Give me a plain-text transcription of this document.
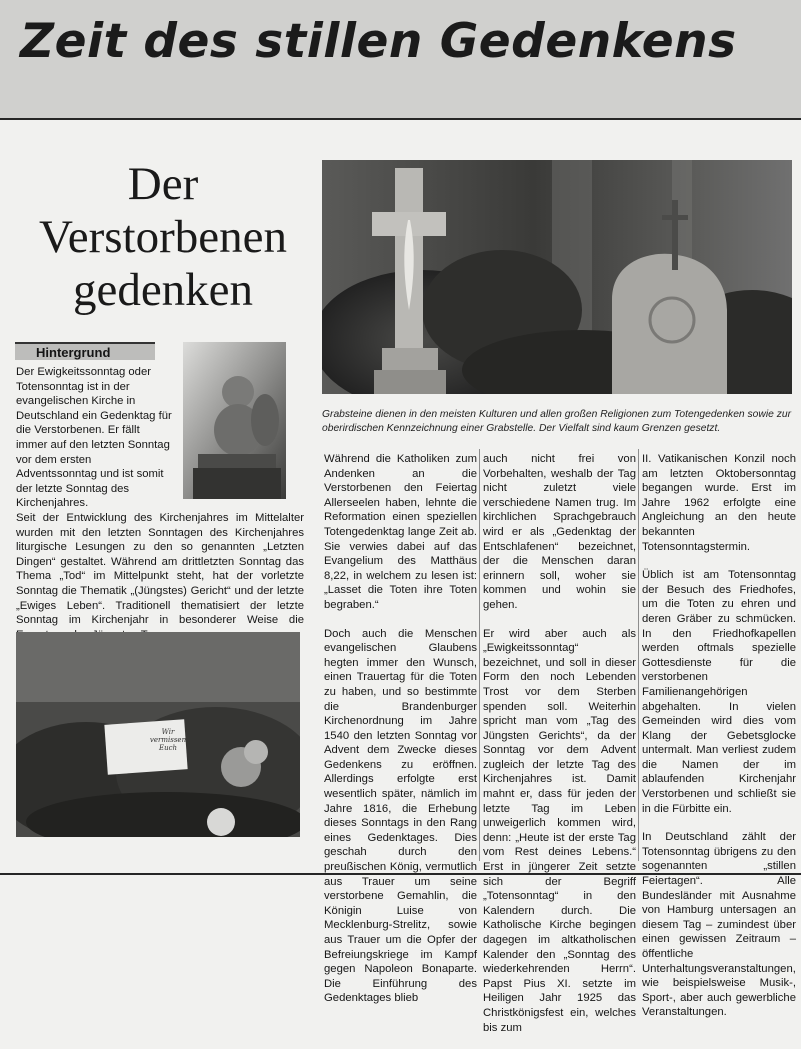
Zeit des stillen Gedenkens
Der
Verstorbenen
gedenken
Grabsteine dienen in den meisten Kulturen und allen großen Religionen zum Totengedenken sowie zur oberirdischen Kennzeichnung einer Grabstelle. Der Vielfalt sind kaum Grenzen gesetzt.
Hintergrund
Der Ewigkeitssonntag oder Totensonntag ist in der evangelischen Kirche in Deutschland ein Gedenktag für die Verstorbenen. Er fällt immer auf den letzten Sonntag vor dem ersten Adventssonntag und ist somit der letzte Sonntag des Kirchenjahres.
Seit der Entwicklung des Kirchenjahres im Mittelalter wurden mit den letzten Sonntagen des Kirchenjahres liturgische Lesungen zu den so genannten „Letzten Dingen“ gestaltet. Während am drittletzten Sonntag das Thema „Tod“ im Mittelpunkt steht, hat der vorletzte Sonntag die Thematik „(Jüngstes) Gericht“ und der letzte „Ewiges Leben“. Traditionell thematisiert der letzte Sonntag im Kirchenjahr in besonderer Weise die
Wir vermissen Euch

Während die Katholiken zum Andenken an die Verstorbenen den Feiertag Allerseelen haben, lehnte die Reformation einen speziellen Totengedenktag lange Zeit ab. Sie verwies dabei auf das Evangelium des Matthäus 8,22, in welchem zu lesen ist: „Lasset die Toten ihre Toten begraben.“

Doch auch die Menschen evangelischen Glaubens hegten immer den Wunsch, einen Trauertag für die Toten zu haben, und so bestimmte die Brandenburger Kirchenordnung im Jahre 1540 den letzten Sonntag vor Advent dem Zwecke dieses Gedenkens zu eröffnen. Allerdings erfolgte erst wesentlich später, nämlich im Jahre 1816, die Erhebung dieses Sonntags in den Rang eines Gedenktages. Dies geschah durch den preußischen König, vermutlich aus Trauer um seine verstorbene Gemahlin, die Königin Luise von Mecklenburg-Strelitz, sowie aus Trauer um die Opfer der Befreiungskriege im Kampf gegen Napoleon Bonaparte. Die Einführung des Gedenktages blieb

auch nicht frei von Vorbehalten, weshalb der Tag nicht zuletzt viele verschiedene Namen trug. Im kirchlichen Sprachgebrauch wird er als „Gedenktag der Entschlafenen“ bezeichnet, der die Menschen daran erinnern soll, woher sie kommen und wohin sie gehen.

Er wird aber auch als „Ewigkeitssonntag“ bezeichnet, und soll in dieser Form den noch Lebenden Trost vor dem Sterben spenden soll. Weiterhin spricht man vom „Tag des Jüngsten Gerichts“, da der Sonntag vor dem Advent zugleich der letzte Tag des Kirchenjahres ist. Damit mahnt er, dass für jeden der letzte Tag im Leben unweigerlich kommen wird, denn: „Heute ist der erste Tag vom Rest deines Lebens.“ Erst in jüngerer Zeit setzte sich der Begriff „Totensonntag“ in den Kalendern durch. Die Katholische Kirche begingen dagegen im altkatholischen Kalender den „Sonntag des wiederkehrenden Herrn“. Papst Pius XI. setzte im Heiligen Jahr 1925 das Christkönigsfest ein, welches bis zum

II. Vatikanischen Konzil noch am letzten Oktobersonntag begangen wurde. Erst im Jahre 1962 erfolgte eine Angleichung an den heute bekannten Totensonntagstermin.

Üblich ist am Totensonntag der Besuch des Friedhofes, um die Toten zu ehren und deren Gräber zu schmücken. In den Friedhofkapellen werden oftmals spezielle Gottesdienste für die verstorbenen Familienangehörigen abgehalten. In vielen Gemeinden wird dies vom Klang der Gebetsglocke untermalt. Man verliest zudem die Namen der im ablaufenden Kirchenjahr Verstorbenen und schließt sie in die Fürbitte ein.

In Deutschland zählt der Totensonntag übrigens zu den sogenannten „stillen Feiertagen“. Alle Bundesländer mit Ausnahme von Hamburg untersagen an diesem Tag – zumindest über einen gewissen Zeitraum – öffentliche Unterhaltungsveranstaltungen, wie beispielsweise Musik-, Sport-, aber auch gewerbliche Veranstaltungen.
